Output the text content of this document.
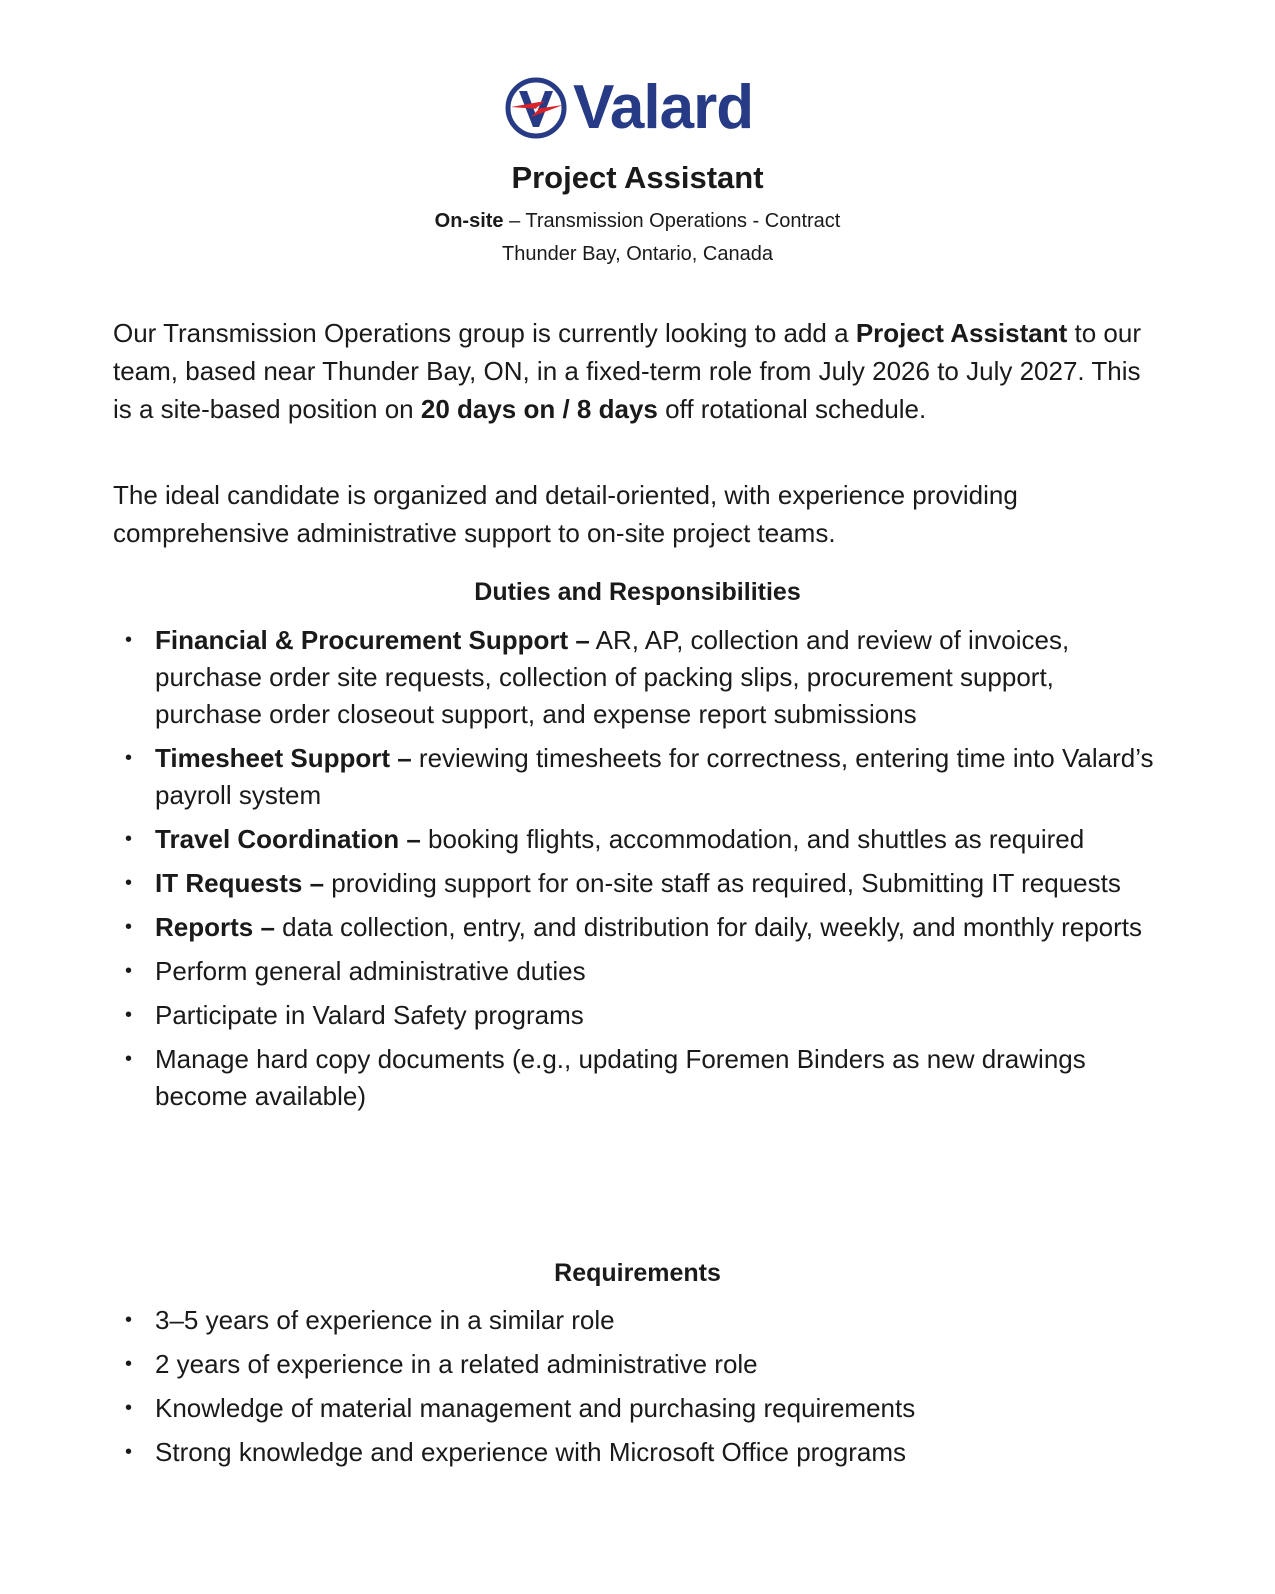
Valard
Project Assistant
On-site – Transmission Operations - Contract
Thunder Bay, Ontario, Canada

Our Transmission Operations group is currently looking to add a Project Assistant to our team, based near Thunder Bay, ON, in a fixed-term role from July 2026 to July 2027. This is a site-based position on 20 days on / 8 days off rotational schedule.

The ideal candidate is organized and detail-oriented, with experience providing comprehensive administrative support to on-site project teams.

Duties and Responsibilities
• Financial & Procurement Support – AR, AP, collection and review of invoices, purchase order site requests, collection of packing slips, procurement support, purchase order closeout support, and expense report submissions
• Timesheet Support – reviewing timesheets for correctness, entering time into Valard’s payroll system
• Travel Coordination – booking flights, accommodation, and shuttles as required
• IT Requests – providing support for on-site staff as required, Submitting IT requests
• Reports – data collection, entry, and distribution for daily, weekly, and monthly reports
• Perform general administrative duties
• Participate in Valard Safety programs
• Manage hard copy documents (e.g., updating Foremen Binders as new drawings become available)
Requirements
• 3–5 years of experience in a similar role
• 2 years of experience in a related administrative role
• Knowledge of material management and purchasing requirements
• Strong knowledge and experience with Microsoft Office programs
